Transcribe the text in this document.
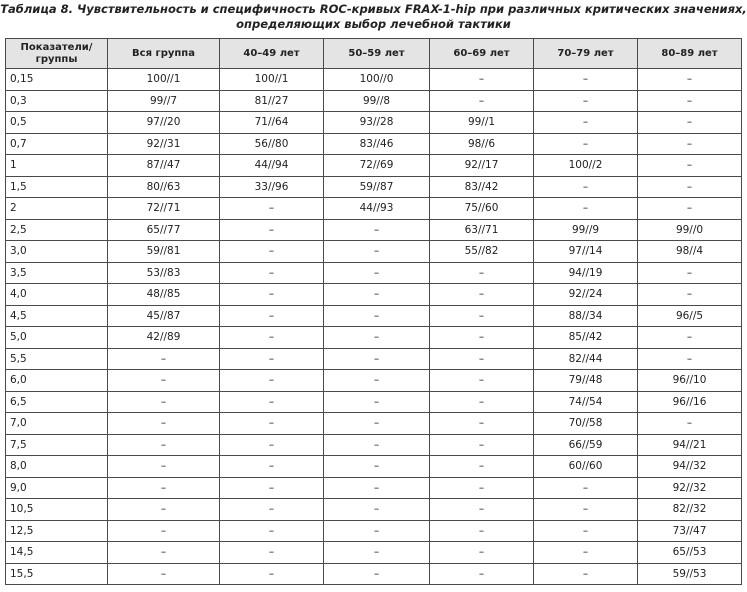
Таблица 8. Чувствительность и специфичность ROC-кривых FRAX-1-hip при различных критических значениях,
определяющих выбор лечебной тактики
Показатели/ группы	Вся группа	40–49 лет	50–59 лет	60–69 лет	70–79 лет	80–89 лет
0,15	100//1	100//1	100//0	–	–	–
0,3	99//7	81//27	99//8	–	–	–
0,5	97//20	71//64	93//28	99//1	–	–
0,7	92//31	56//80	83//46	98//6	–	–
1	87//47	44//94	72//69	92//17	100//2	–
1,5	80//63	33//96	59//87	83//42	–	–
2	72//71	–	44//93	75//60	–	–
2,5	65//77	–	–	63//71	99//9	99//0
3,0	59//81	–	–	55//82	97//14	98//4
3,5	53//83	–	–	–	94//19	–
4,0	48//85	–	–	–	92//24	–
4,5	45//87	–	–	–	88//34	96//5
5,0	42//89	–	–	–	85//42	–
5,5	–	–	–	–	82//44	–
6,0	–	–	–	–	79//48	96//10
6,5	–	–	–	–	74//54	96//16
7,0	–	–	–	–	70//58	–
7,5	–	–	–	–	66//59	94//21
8,0	–	–	–	–	60//60	94//32
9,0	–	–	–	–	–	92//32
10,5	–	–	–	–	–	82//32
12,5	–	–	–	–	–	73//47
14,5	–	–	–	–	–	65//53
15,5	–	–	–	–	–	59//53
